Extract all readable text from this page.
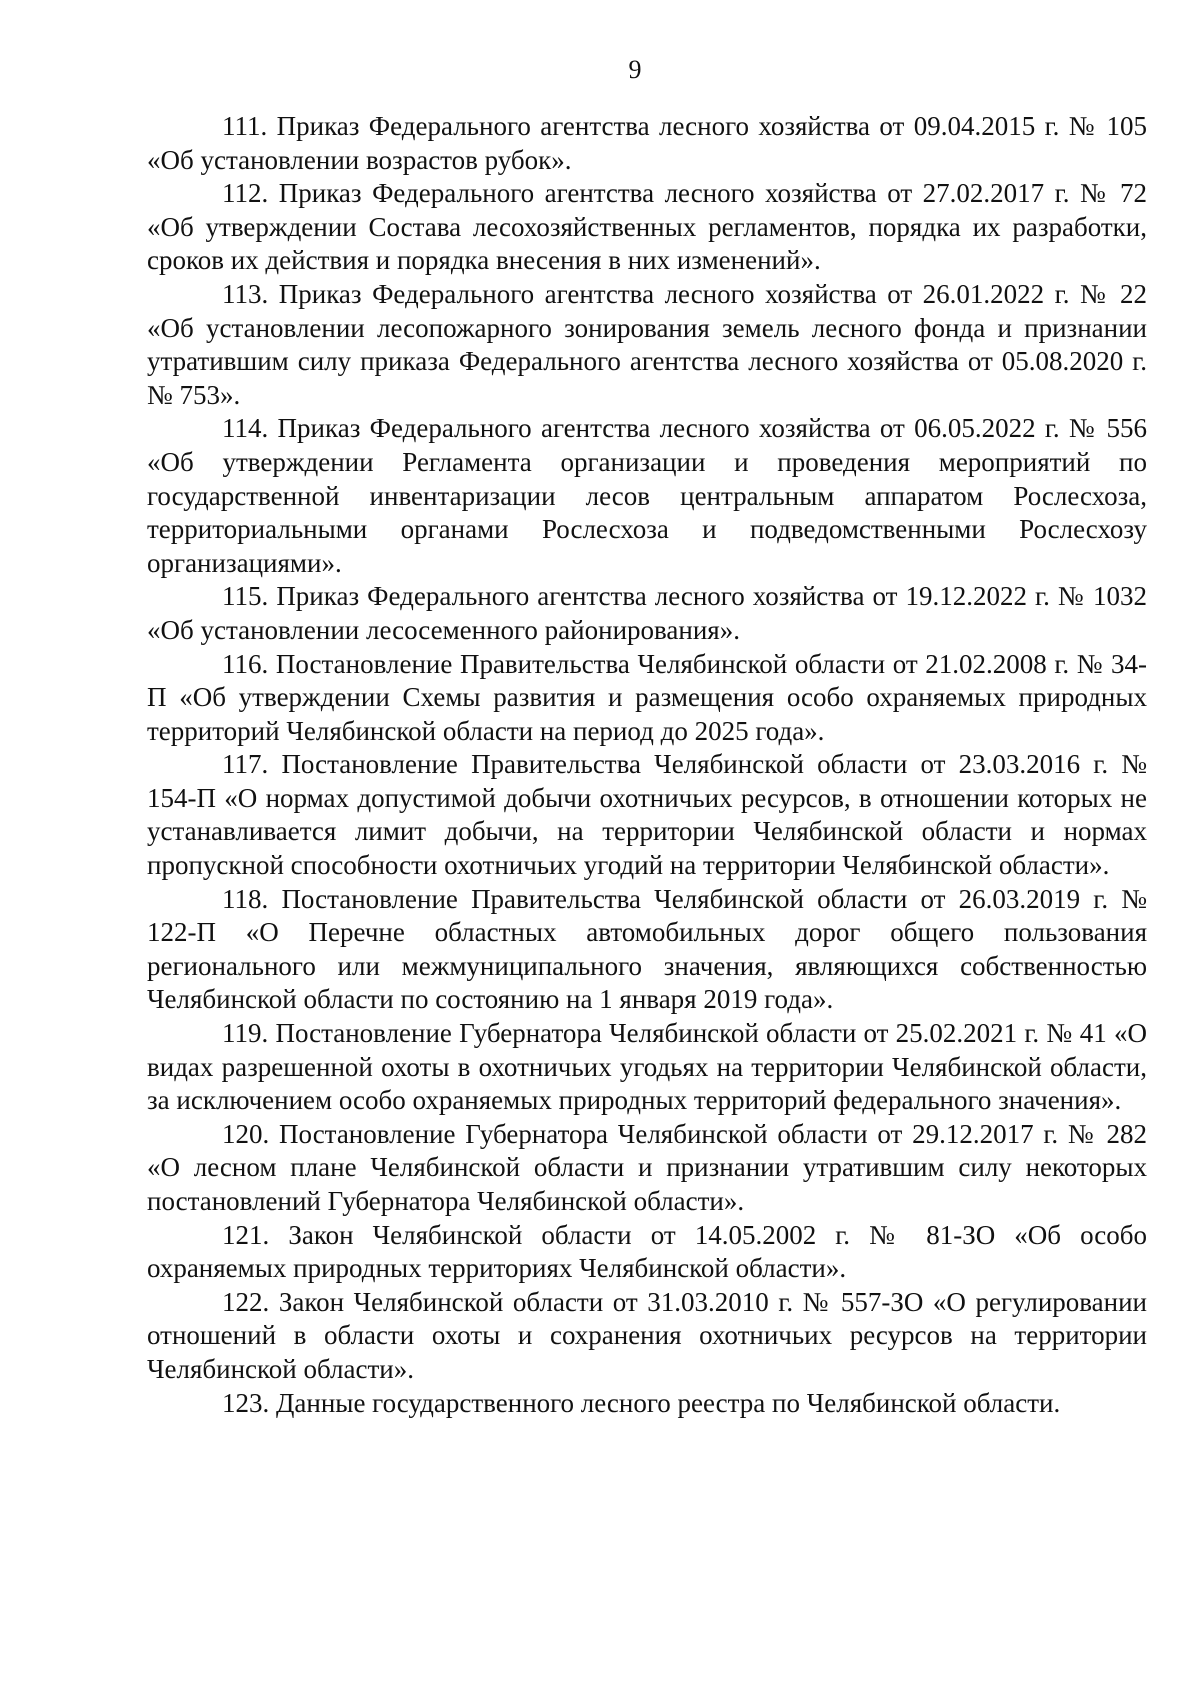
9

111. Приказ Федерального агентства лесного хозяйства от 09.04.2015 г. № 105 «Об установлении возрастов рубок».

112. Приказ Федерального агентства лесного хозяйства от 27.02.2017 г. № 72 «Об утверждении Состава лесохозяйственных регламентов, порядка их разработки, сроков их действия и порядка внесения в них изменений».

113. Приказ Федерального агентства лесного хозяйства от 26.01.2022 г. № 22 «Об установлении лесопожарного зонирования земель лесного фонда и признании утратившим силу приказа Федерального агентства лесного хозяйства от 05.08.2020 г. № 753».

114. Приказ Федерального агентства лесного хозяйства от 06.05.2022 г. № 556 «Об утверждении Регламента организации и проведения мероприятий по государственной инвентаризации лесов центральным аппаратом Рослесхоза, территориальными органами Рослесхоза и подведомственными Рослесхозу организациями».

115. Приказ Федерального агентства лесного хозяйства от 19.12.2022 г. № 1032 «Об установлении лесосеменного районирования».

116. Постановление Правительства Челябинской области от 21.02.2008 г. № 34-П «Об утверждении Схемы развития и размещения особо охраняемых природных территорий Челябинской области на период до 2025 года».

117. Постановление Правительства Челябинской области от 23.03.2016 г. № 154-П «О нормах допустимой добычи охотничьих ресурсов, в отношении которых не устанавливается лимит добычи, на территории Челябинской области и нормах пропускной способности охотничьих угодий на территории Челябинской области».

118. Постановление Правительства Челябинской области от 26.03.2019 г. № 122-П «О Перечне областных автомобильных дорог общего пользования регионального или межмуниципального значения, являющихся собственностью Челябинской области по состоянию на 1 января 2019 года».

119. Постановление Губернатора Челябинской области от 25.02.2021 г. № 41 «О видах разрешенной охоты в охотничьих угодьях на территории Челябинской области, за исключением особо охраняемых природных территорий федерального значения».

120. Постановление Губернатора Челябинской области от 29.12.2017 г. № 282 «О лесном плане Челябинской области и признании утратившим силу некоторых постановлений Губернатора Челябинской области».

121. Закон Челябинской области от 14.05.2002 г. № 81-ЗО «Об особо охраняемых природных территориях Челябинской области».

122. Закон Челябинской области от 31.03.2010 г. № 557-ЗО «О регулировании отношений в области охоты и сохранения охотничьих ресурсов на территории Челябинской области».

123. Данные государственного лесного реестра по Челябинской области.
